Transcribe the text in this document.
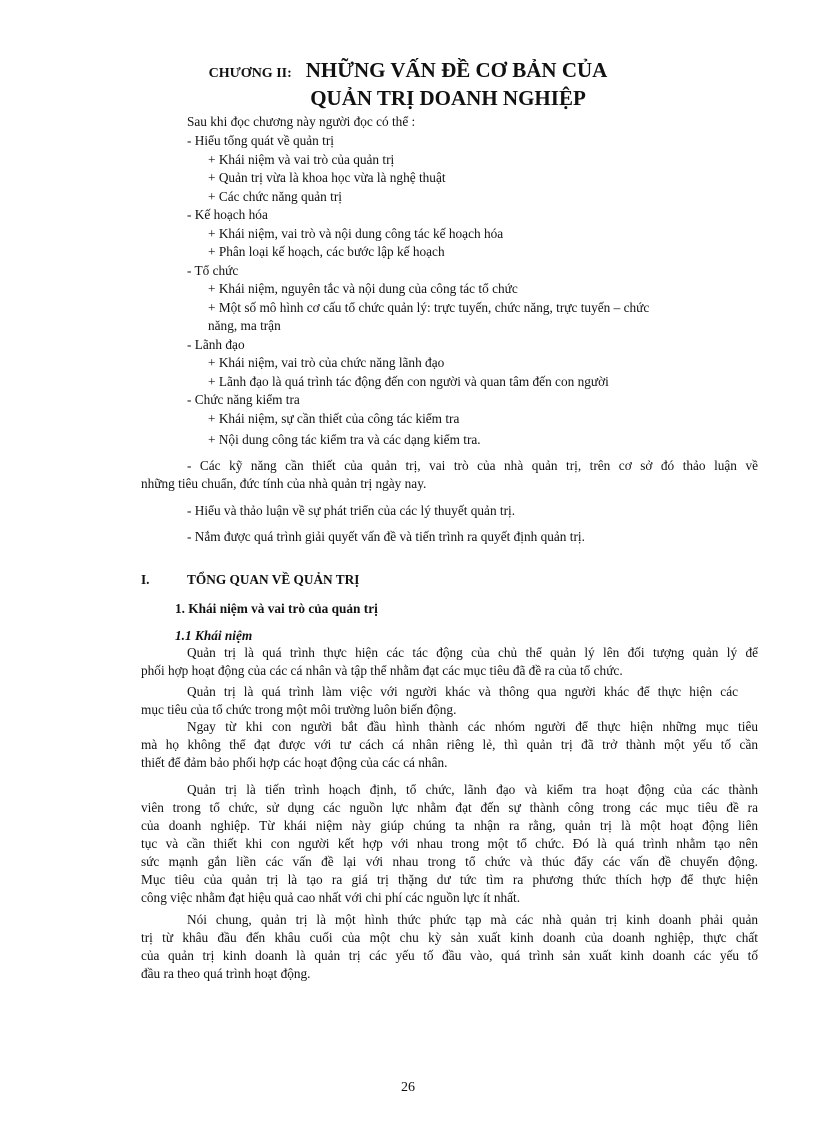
CHƯƠNG II: NHỮNG VẤN ĐỀ CƠ BẢN CỦA
QUẢN TRỊ DOANH NGHIỆP
Sau khi đọc chương này người đọc có thể :
- Hiểu tổng quát về quản trị
+ Khái niệm và vai trò của quản trị
+ Quản trị vừa là khoa học vừa là nghệ thuật
+ Các chức năng quản trị
- Kế hoạch hóa
+ Khái niệm, vai trò và nội dung công tác kế hoạch hóa
+ Phân loại kế hoạch, các bước lập kế hoạch
- Tổ chức
+ Khái niệm, nguyên tắc và nội dung của công tác tổ chức
+ Một số mô hình cơ cấu tổ chức quản lý: trực tuyến, chức năng, trực tuyến – chức
năng, ma trận
- Lãnh đạo
+ Khái niệm, vai trò của chức năng lãnh đạo
+ Lãnh đạo là quá trình tác động đến con người và quan tâm đến con người
- Chức năng kiểm tra
+ Khái niệm, sự cần thiết của công tác kiểm tra
+ Nội dung công tác kiểm tra và các dạng kiểm tra.
- Các kỹ năng cần thiết của quản trị, vai trò của nhà quản trị, trên cơ sở đó thảo luận về
những tiêu chuẩn, đức tính của nhà quản trị ngày nay.
- Hiểu và thảo luận về sự phát triển của các lý thuyết quản trị.
- Nắm được quá trình giải quyết vấn đề và tiến trình ra quyết định quản trị.
I.	TỔNG QUAN VỀ QUẢN TRỊ
1. Khái niệm và vai trò của quản trị
1.1 Khái niệm
Quản trị là quá trình thực hiện các tác động của chủ thể quản lý lên đối tượng quản lý để
phối hợp hoạt động của các cá nhân và tập thể nhằm đạt các mục tiêu đã đề ra của tổ chức.
Quản trị là quá trình làm việc với người khác và thông qua người khác để thực hiện các
mục tiêu của tổ chức trong một môi trường luôn biến động.
Ngay từ khi con người bắt đầu hình thành các nhóm người để thực hiện những mục tiêu
mà họ không thể đạt được với tư cách cá nhân riêng lẻ, thì quản trị đã trở thành một yếu tố cần
thiết để đảm bảo phối hợp các hoạt động của các cá nhân.
Quản trị là tiến trình hoạch định, tổ chức, lãnh đạo và kiểm tra hoạt động của các thành
viên trong tổ chức, sử dụng các nguồn lực nhằm đạt đến sự thành công trong các mục tiêu đề ra
của doanh nghiệp. Từ khái niệm này giúp chúng ta nhận ra rằng, quản trị là một hoạt động liên
tục và cần thiết khi con người kết hợp với nhau trong một tổ chức. Đó là quá trình nhằm tạo nên
sức mạnh gắn liền các vấn đề lại với nhau trong tổ chức và thúc đẩy các vấn đề chuyển động.
Mục tiêu của quản trị là tạo ra giá trị thặng dư tức tìm ra phương thức thích hợp để thực hiện
công việc nhằm đạt hiệu quả cao nhất với chi phí các nguồn lực ít nhất.
Nói chung, quản trị là một hình thức phức tạp mà các nhà quản trị kinh doanh phải quản
trị từ khâu đầu đến khâu cuối của một chu kỳ sản xuất kinh doanh của doanh nghiệp, thực chất
của quản trị kinh doanh là quản trị các yếu tố đầu vào, quá trình sản xuất kinh doanh các yếu tố
đầu ra theo quá trình hoạt động.
26
